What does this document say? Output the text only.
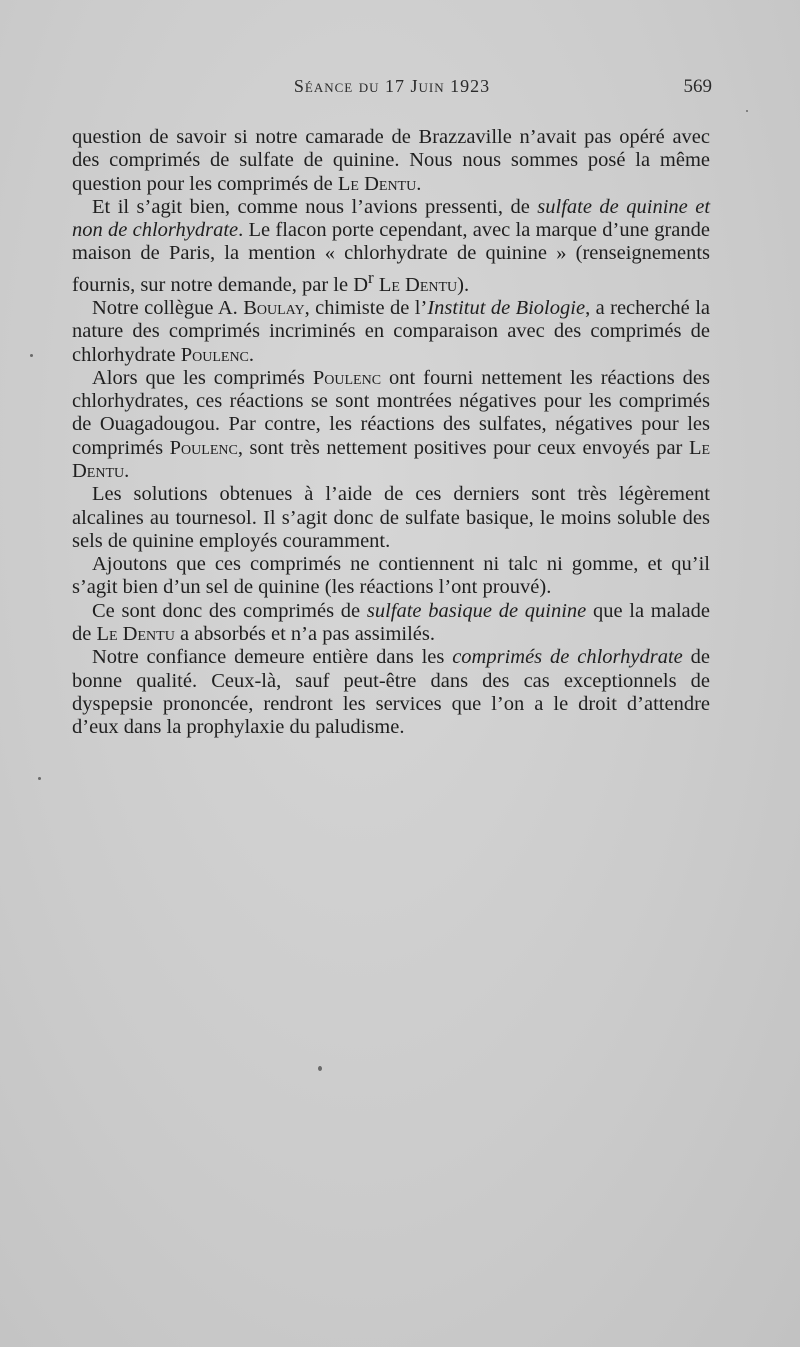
Séance du 17 Juin 1923	569

question de savoir si notre camarade de Brazzaville n’avait pas opéré avec des comprimés de sulfate de quinine. Nous nous sommes posé la même question pour les comprimés de Le Dentu.

Et il s’agit bien, comme nous l’avions pressenti, de sulfate de quinine et non de chlorhydrate. Le flacon porte cependant, avec la marque d’une grande maison de Paris, la mention « chlorhydrate de quinine » (renseignements fournis, sur notre demande, par le $D^r$ Le Dentu).

Notre collègue A. Boulay, chimiste de l’Institut de Biologie, a recherché la nature des comprimés incriminés en comparaison avec des comprimés de chlorhydrate Poulenc.

Alors que les comprimés Poulenc ont fourni nettement les réactions des chlorhydrates, ces réactions se sont montrées négatives pour les comprimés de Ouagadougou. Par contre, les réactions des sulfates, négatives pour les comprimés Poulenc, sont très nettement positives pour ceux envoyés par Le Dentu.

Les solutions obtenues à l’aide de ces derniers sont très légèrement alcalines au tournesol. Il s’agit donc de sulfate basique, le moins soluble des sels de quinine employés couramment.

Ajoutons que ces comprimés ne contiennent ni talc ni gomme, et qu’il s’agit bien d’un sel de quinine (les réactions l’ont prouvé).

Ce sont donc des comprimés de sulfate basique de quinine que la malade de Le Dentu a absorbés et n’a pas assimilés.

Notre confiance demeure entière dans les comprimés de chlorhydrate de bonne qualité. Ceux-là, sauf peut-être dans des cas exceptionnels de dyspepsie prononcée, rendront les services que l’on a le droit d’attendre d’eux dans la prophylaxie du paludisme.
